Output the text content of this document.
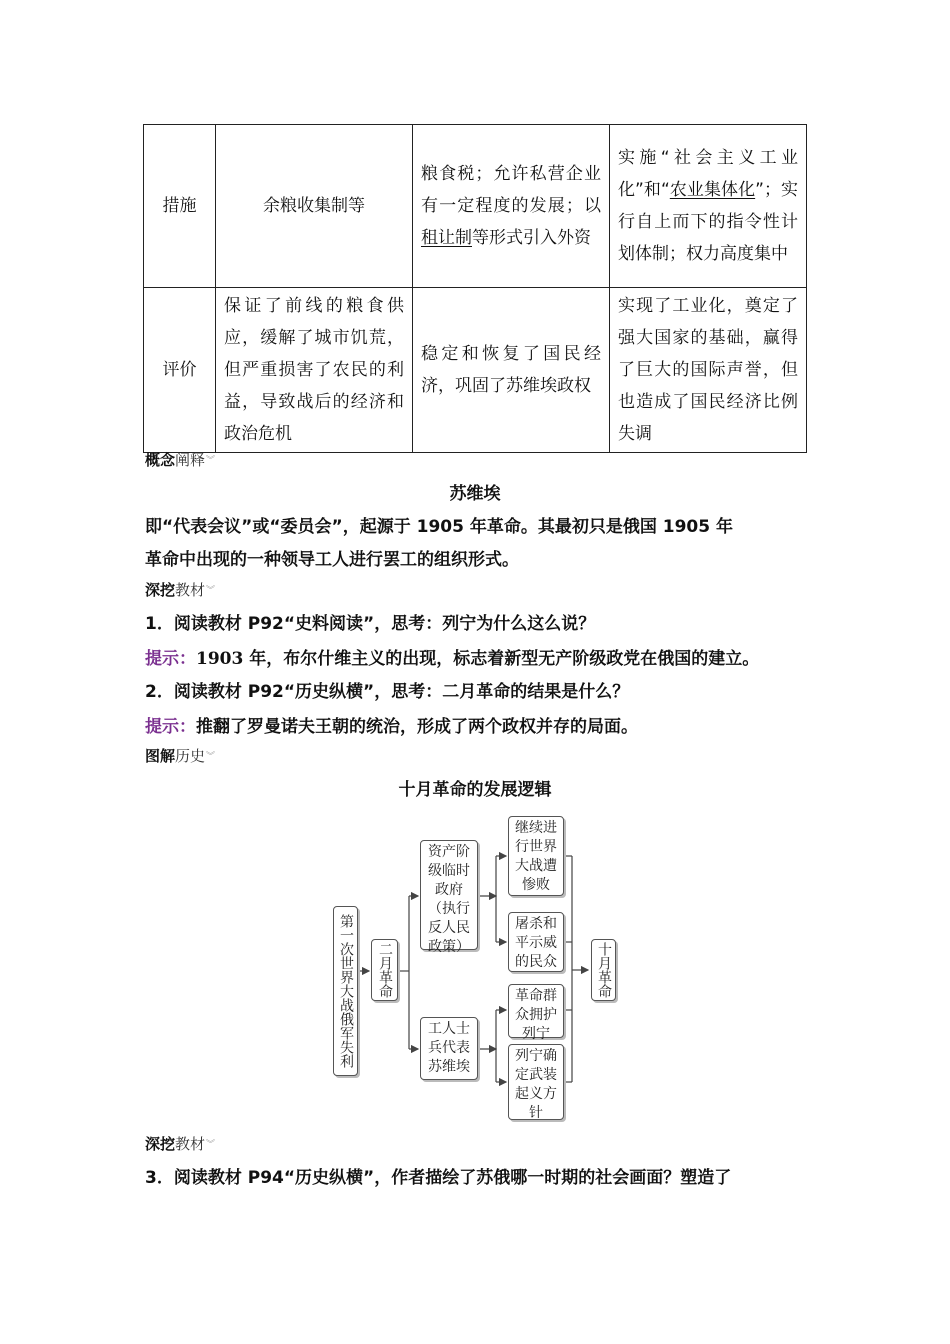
措施	余粮收集制等	粮食税；允许私营企业有一定程度的发展；以租让制等形式引入外资	实施“社会主义工业化”和“农业集体化”；实行自上而下的指令性计划体制；权力高度集中
评价	保证了前线的粮食供应，缓解了城市饥荒，但严重损害了农民的利益，导致战后的经济和政治危机	稳定和恢复了国民经济，巩固了苏维埃政权	实现了工业化，奠定了强大国家的基础，赢得了巨大的国际声誉，但也造成了国民经济比例失调
概念阐释︾
苏维埃
即“代表会议”或“委员会”，起源于 1905 年革命。其最初只是俄国 1905 年
革命中出现的一种领导工人进行罢工的组织形式。
深挖教材︾
1．阅读教材 P92“史料阅读”，思考：列宁为什么这么说？
提示：1903 年，布尔什维主义的出现，标志着新型无产阶级政党在俄国的建立。
2．阅读教材 P92“历史纵横”，思考：二月革命的结果是什么？
提示：推翻了罗曼诺夫王朝的统治，形成了两个政权并存的局面。
图解历史︾
十月革命的发展逻辑
第一次世界大战俄军失利 二月革命
资产阶级临时政府（执行反人民政策）
工人士兵代表苏维埃
继续进行世界大战遭惨败
屠杀和平示威的民众
革命群众拥护列宁
列宁确定武装起义方针
十月革命
深挖教材︾
3．阅读教材 P94“历史纵横”，作者描绘了苏俄哪一时期的社会画面？塑造了
